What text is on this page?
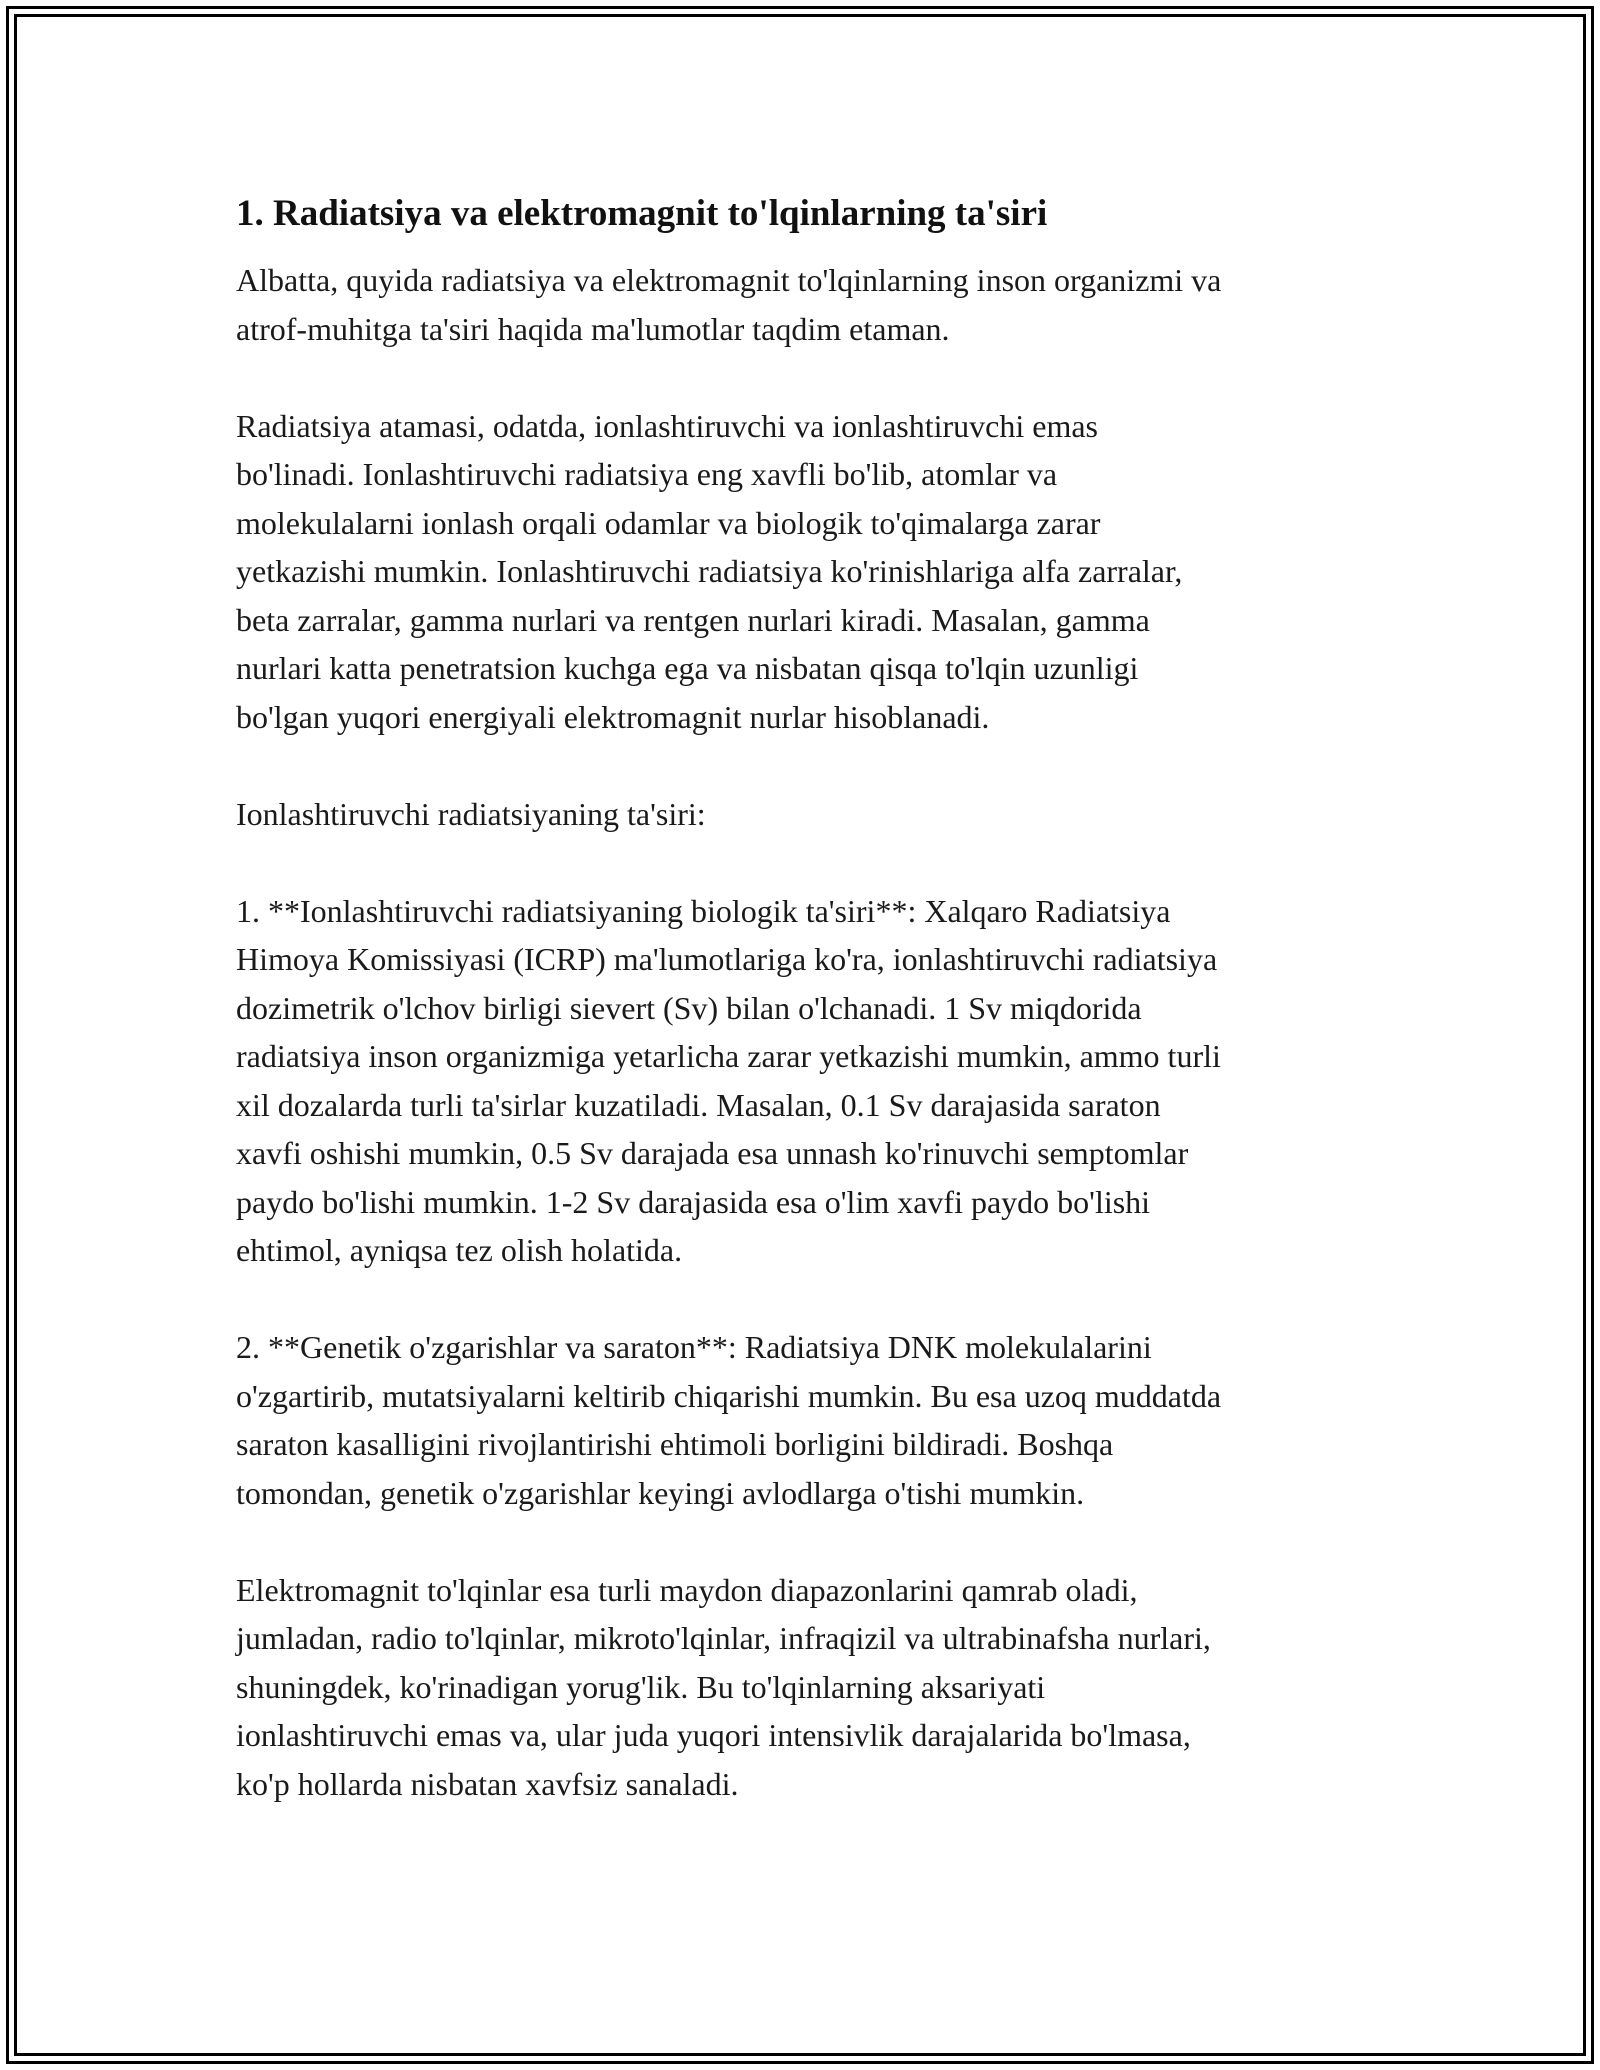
1. Radiatsiya va elektromagnit to'lqinlarning ta'siri

Albatta, quyida radiatsiya va elektromagnit to'lqinlarning inson organizmi va
atrof-muhitga ta'siri haqida ma'lumotlar taqdim etaman.

Radiatsiya atamasi, odatda, ionlashtiruvchi va ionlashtiruvchi emas
bo'linadi. Ionlashtiruvchi radiatsiya eng xavfli bo'lib, atomlar va
molekulalarni ionlash orqali odamlar va biologik to'qimalarga zarar
yetkazishi mumkin. Ionlashtiruvchi radiatsiya ko'rinishlariga alfa zarralar,
beta zarralar, gamma nurlari va rentgen nurlari kiradi. Masalan, gamma
nurlari katta penetratsion kuchga ega va nisbatan qisqa to'lqin uzunligi
bo'lgan yuqori energiyali elektromagnit nurlar hisoblanadi.

Ionlashtiruvchi radiatsiyaning ta'siri:

1. **Ionlashtiruvchi radiatsiyaning biologik ta'siri**: Xalqaro Radiatsiya
Himoya Komissiyasi (ICRP) ma'lumotlariga ko'ra, ionlashtiruvchi radiatsiya
dozimetrik o'lchov birligi sievert (Sv) bilan o'lchanadi. 1 Sv miqdorida
radiatsiya inson organizmiga yetarlicha zarar yetkazishi mumkin, ammo turli
xil dozalarda turli ta'sirlar kuzatiladi. Masalan, 0.1 Sv darajasida saraton
xavfi oshishi mumkin, 0.5 Sv darajada esa unnash ko'rinuvchi semptomlar
paydo bo'lishi mumkin. 1-2 Sv darajasida esa o'lim xavfi paydo bo'lishi
ehtimol, ayniqsa tez olish holatida.

2. **Genetik o'zgarishlar va saraton**: Radiatsiya DNK molekulalarini
o'zgartirib, mutatsiyalarni keltirib chiqarishi mumkin. Bu esa uzoq muddatda
saraton kasalligini rivojlantirishi ehtimoli borligini bildiradi. Boshqa
tomondan, genetik o'zgarishlar keyingi avlodlarga o'tishi mumkin.

Elektromagnit to'lqinlar esa turli maydon diapazonlarini qamrab oladi,
jumladan, radio to'lqinlar, mikroto'lqinlar, infraqizil va ultrabinafsha nurlari,
shuningdek, ko'rinadigan yorug'lik. Bu to'lqinlarning aksariyati
ionlashtiruvchi emas va, ular juda yuqori intensivlik darajalarida bo'lmasa,
ko'p hollarda nisbatan xavfsiz sanaladi.
